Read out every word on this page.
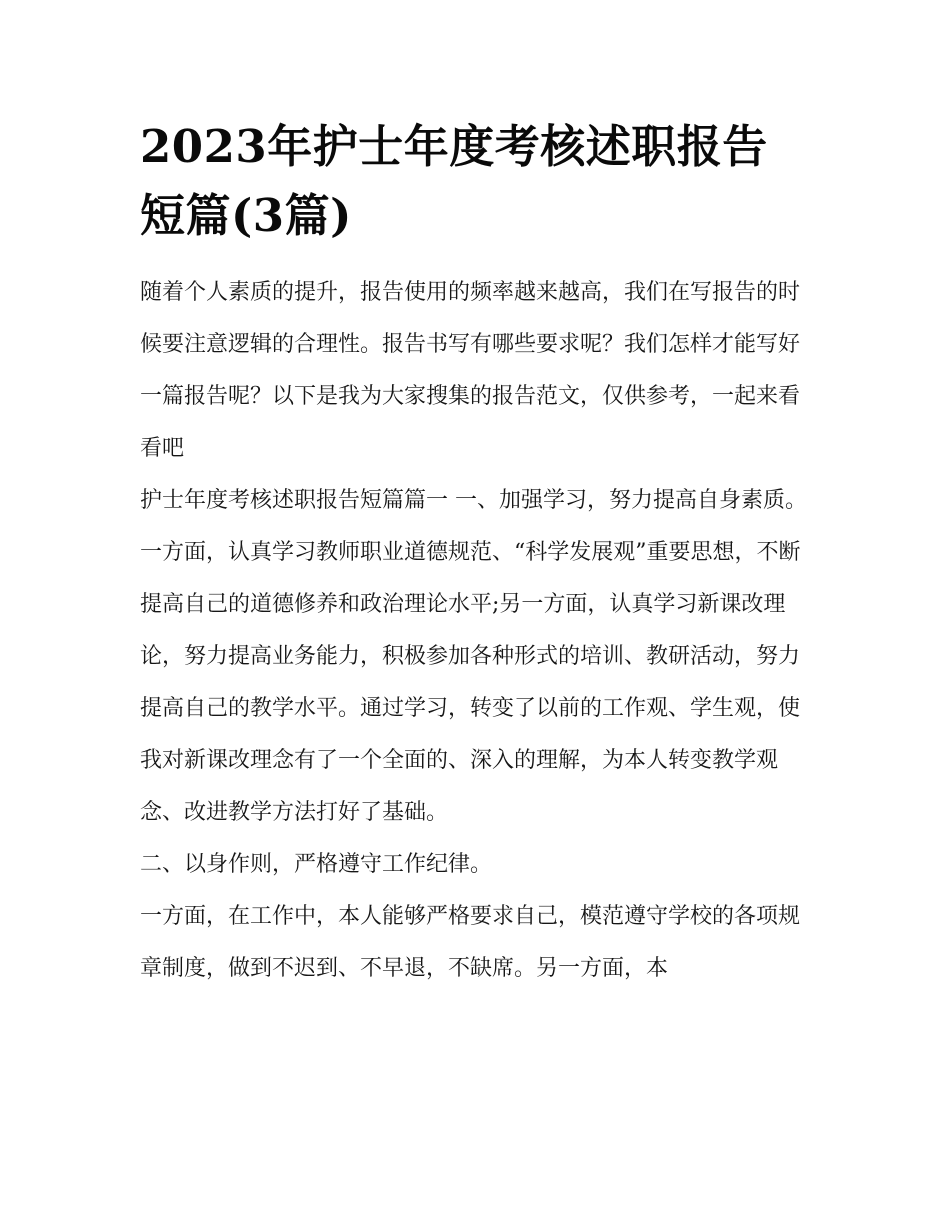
2023年护士年度考核述职报告短篇(3篇)

随着个人素质的提升，报告使用的频率越来越高，我们在写报告的时候要注意逻辑的合理性。报告书写有哪些要求呢？我们怎样才能写好一篇报告呢？以下是我为大家搜集的报告范文，仅供参考，一起来看看吧

护士年度考核述职报告短篇篇一 一、加强学习，努力提高自身素质。

一方面，认真学习教师职业道德规范、“科学发展观”重要思想，不断提高自己的道德修养和政治理论水平;另一方面，认真学习新课改理论，努力提高业务能力，积极参加各种形式的培训、教研活动，努力提高自己的教学水平。通过学习，转变了以前的工作观、学生观，使我对新课改理念有了一个全面的、深入的理解，为本人转变教学观念、改进教学方法打好了基础。

二、以身作则，严格遵守工作纪律。

一方面，在工作中，本人能够严格要求自己，模范遵守学校的各项规章制度，做到不迟到、不早退，不缺席。另一方面，本
